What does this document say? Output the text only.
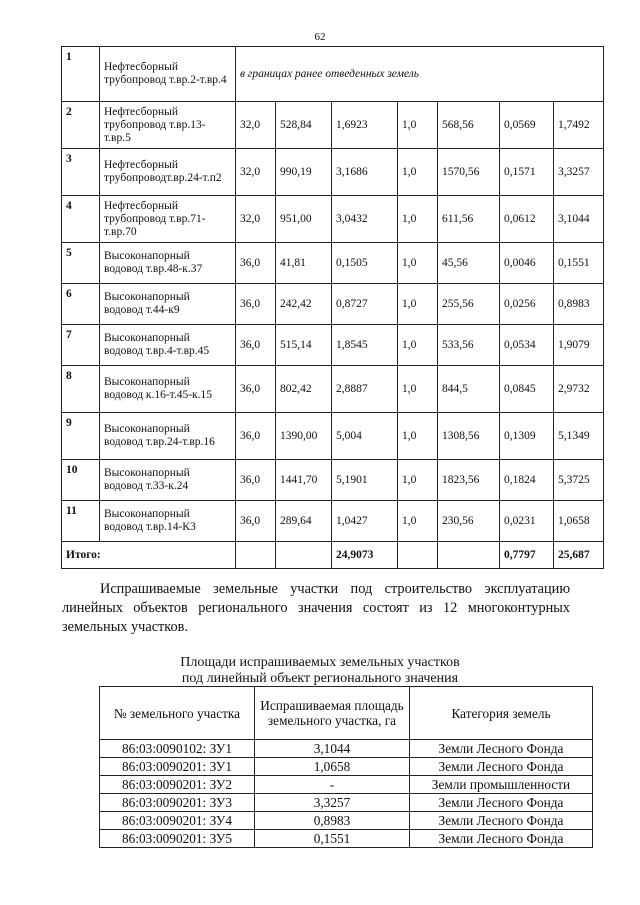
62
1	Нефтесборный трубопровод т.вр.2-т.вр.4	в границах ранее отведенных земель						
2	Нефтесборный трубопровод т.вр.13-т.вр.5	32,0	528,84	1,6923	1,0	568,56	0,0569	1,7492
3	Нефтесборный трубопроводт.вр.24-т.п2	32,0	990,19	3,1686	1,0	1570,56	0,1571	3,3257
4	Нефтесборный трубопровод т.вр.71-т.вр.70	32,0	951,00	3,0432	1,0	611,56	0,0612	3,1044
5	Высоконапорный водовод т.вр.48-к.37	36,0	41,81	0,1505	1,0	45,56	0,0046	0,1551
6	Высоконапорный водовод т.44-к9	36,0	242,42	0,8727	1,0	255,56	0,0256	0,8983
7	Высоконапорный водовод т.вр.4-т.вр.45	36,0	515,14	1,8545	1,0	533,56	0,0534	1,9079
8	Высоконапорный водовод к.16-т.45-к.15	36,0	802,42	2,8887	1,0	844,5	0,0845	2,9732
9	Высоконапорный водовод т.вр.24-т.вр.16	36,0	1390,00	5,004	1,0	1308,56	0,1309	5,1349
10	Высоконапорный водовод т.33-к.24	36,0	1441,70	5,1901	1,0	1823,56	0,1824	5,3725
11	Высоконапорный водовод т.вр.14-К3	36,0	289,64	1,0427	1,0	230,56	0,0231	1,0658
Итого:				24,9073			0,7797	25,687
Испрашиваемые земельные участки под строительство эксплуатацию линейных объектов регионального значения состоят из 12 многоконтурных земельных участков.
Площади испрашиваемых земельных участков
под линейный объект регионального значения
№ земельного участка	Испрашиваемая площадь земельного участка, га	Категория земель
86:03:0090102: ЗУ1	3,1044	Земли Лесного Фонда
86:03:0090201: ЗУ1	1,0658	Земли Лесного Фонда
86:03:0090201: ЗУ2	-	Земли промышленности
86:03:0090201: ЗУ3	3,3257	Земли Лесного Фонда
86:03:0090201: ЗУ4	0,8983	Земли Лесного Фонда
86:03:0090201: ЗУ5	0,1551	Земли Лесного Фонда
